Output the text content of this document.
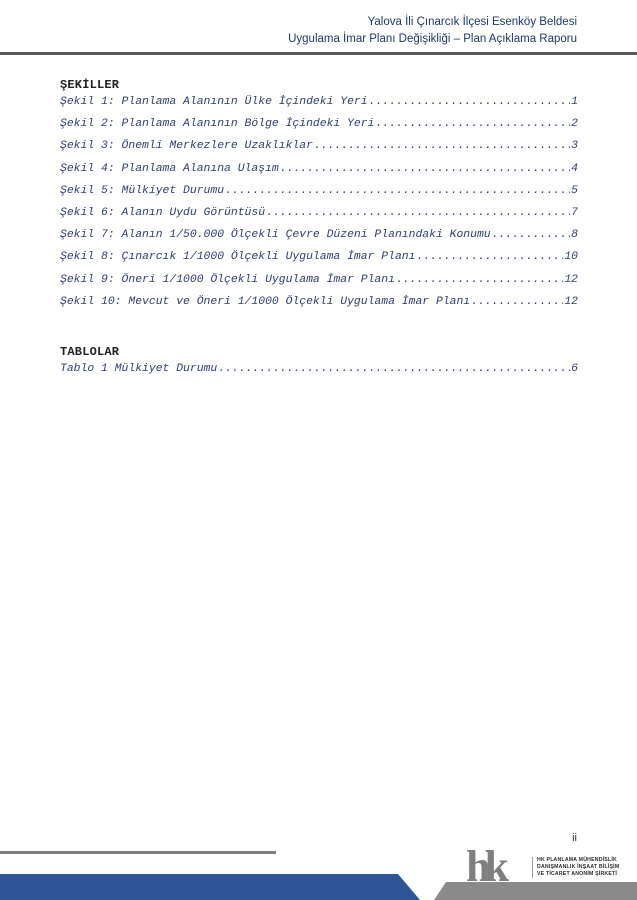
Yalova İli Çınarcık İlçesi Esenköy Beldesi
Uygulama İmar Planı Değişikliği – Plan Açıklama Raporu
ŞEKİLLER
Şekil 1: Planlama Alanının Ülke İçindeki Yeri .....	1
Şekil 2: Planlama Alanının Bölge İçindeki Yeri .....	2
Şekil 3: Önemli Merkezlere Uzaklıklar .....	3
Şekil 4: Planlama Alanına Ulaşım .....	4
Şekil 5: Mülkiyet Durumu .....	5
Şekil 6: Alanın Uydu Görüntüsü .....	7
Şekil 7: Alanın 1/50.000 Ölçekli Çevre Düzeni Planındaki Konumu .....	8
Şekil 8: Çınarcık 1/1000 Ölçekli Uygulama İmar Planı .....	10
Şekil 9: Öneri 1/1000 Ölçekli Uygulama İmar Planı .....	12
Şekil 10: Mevcut ve Öneri 1/1000 Ölçekli Uygulama İmar Planı .....	12
TABLOLAR
Tablo 1 Mülkiyet Durumu .....	6
ii
hk	HK PLANLAMA MÜHENDİSLİK
DANIŞMANLIK İNŞAAT BİLİŞİM
VE TİCARET ANONİM ŞİRKETİ
